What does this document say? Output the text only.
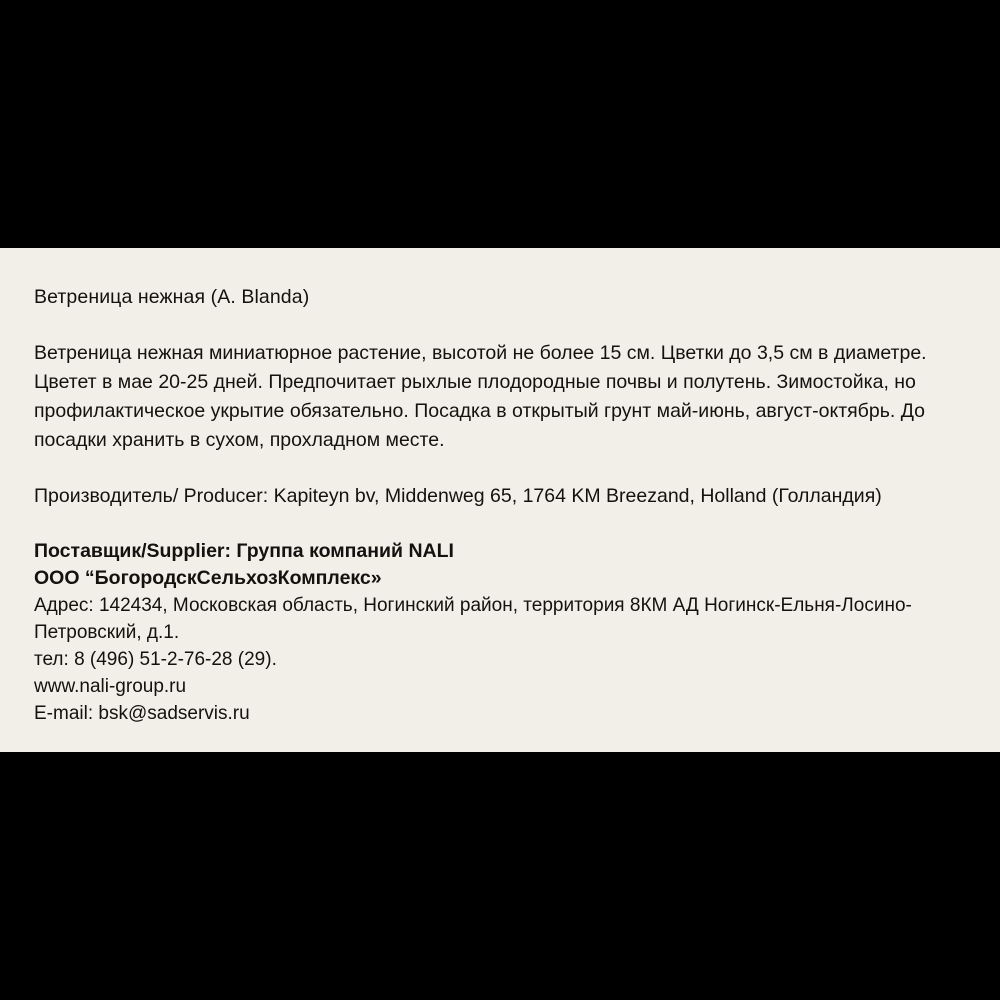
Ветреница нежная (A. Blanda)
Ветреница нежная миниатюрное растение, высотой не более 15 см. Цветки до 3,5 см в диаметре. Цветет в мае 20-25 дней. Предпочитает рыхлые плодородные почвы и полутень. Зимостойка, но профилактическое укрытие обязательно. Посадка в открытый грунт май-июнь, август-октябрь. До посадки хранить в сухом, прохладном месте.
Производитель/ Producer: Kapiteyn bv, Middenweg 65, 1764 KM Breezand, Holland (Голландия)
Поставщик/Supplier: Группа компаний NALI
ООО “БогородскСельхозКомплекс»
Адрес: 142434, Московская область, Ногинский район, территория 8КМ АД Ногинск-Ельня-Лосино-Петровский, д.1.
тел: 8 (496) 51-2-76-28 (29).
www.nali-group.ru
E-mail: bsk@sadservis.ru
